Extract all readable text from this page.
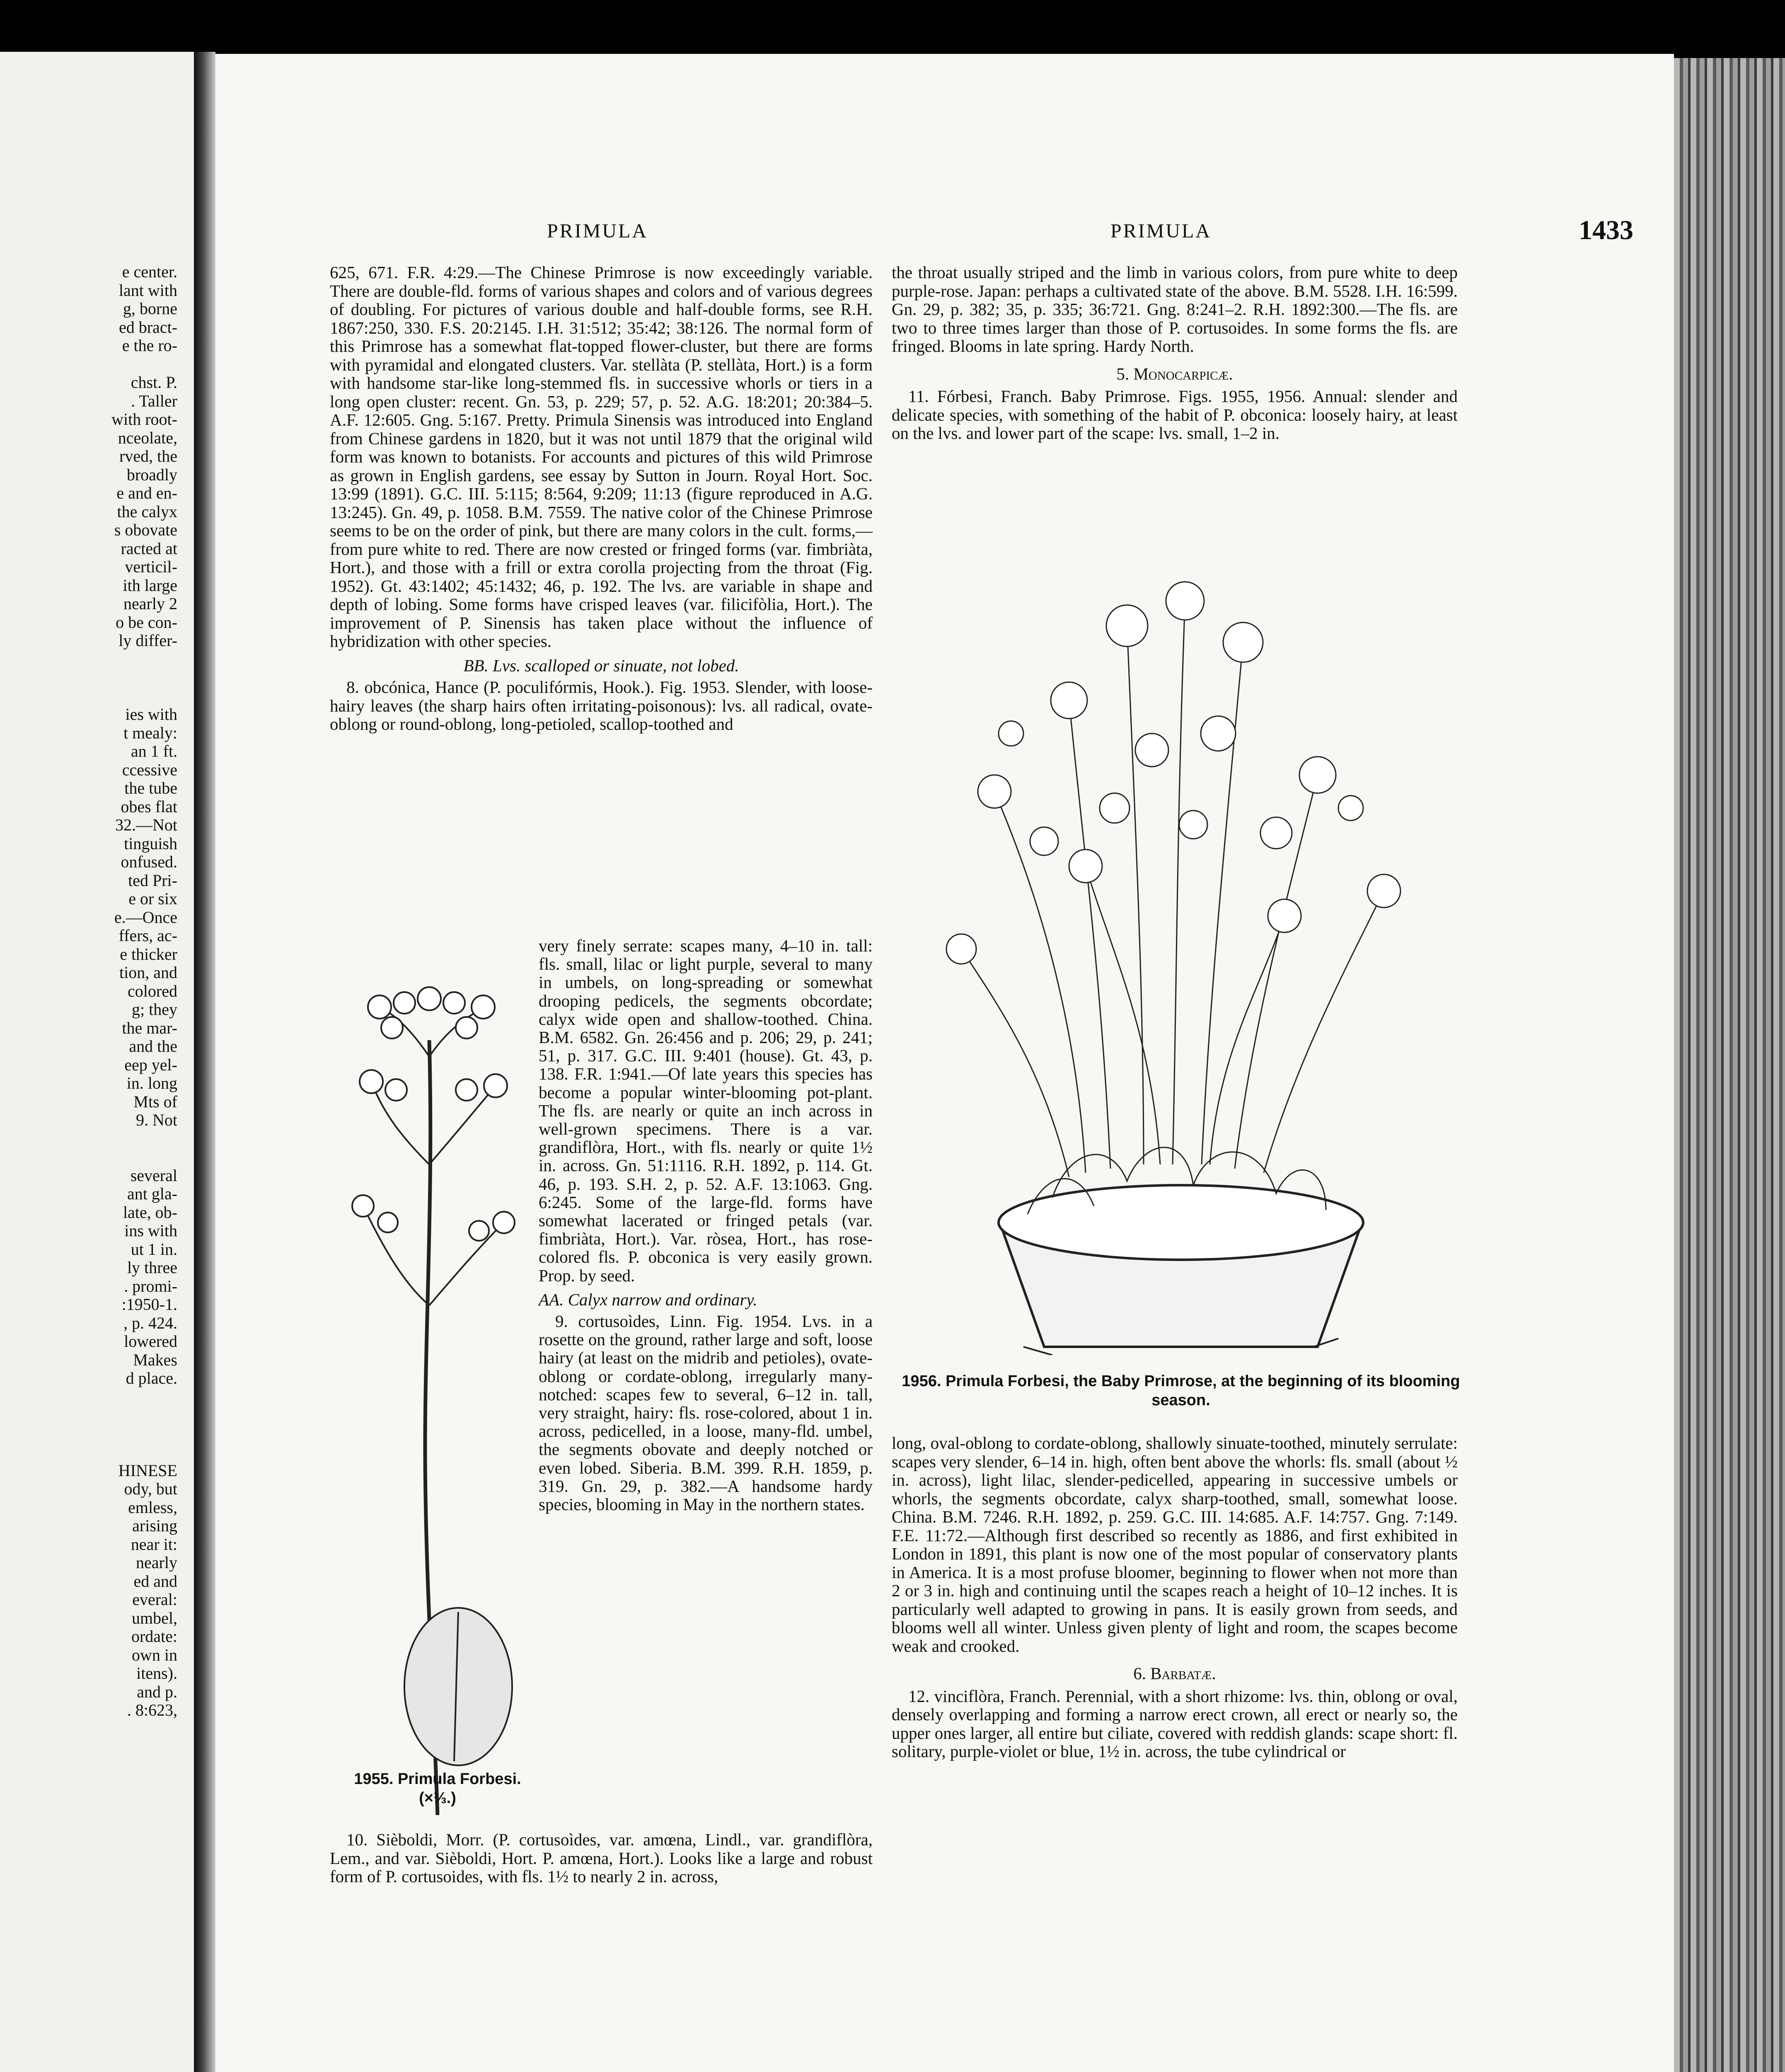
e center.
lant with
g, borne
ed bract-
e the ro-
chst. P.
. Taller
with root-
nceolate,
rved, the
broadly
e and en-
the calyx
s obovate
racted at
verticil-
ith large
nearly 2
o be con-
ly differ-
ies with
t mealy:
an 1 ft.
ccessive
the tube
obes flat
32.—Not
tinguish
onfused.
ted Pri-
e or six
e.—Once
ffers, ac-
e thicker
tion, and
colored
g; they
the mar-
and the
eep yel-
in. long
Mts of
9. Not
several
ant gla-
late, ob-
ins with
ut 1 in.
ly three
. promi-
:1950-1.
, p. 424.
lowered
Makes
d place.
HINESE
ody, but
emless,
arising
near it:
nearly
ed and
everal:
umbel,
ordate:
own in
itens).
and p.
. 8:623,
PRIMULA	PRIMULA	1433

625, 671. F.R. 4:29.—The Chinese Primrose is now exceedingly variable. There are double-fld. forms of various shapes and colors and of various degrees of doubling. For pictures of various double and half-double forms, see R.H. 1867:250, 330. F.S. 20:2145. I.H. 31:512; 35:42; 38:126. The normal form of this Primrose has a somewhat flat-topped flower-cluster, but there are forms with pyramidal and elongated clusters. Var. stellàta (P. stellàta, Hort.) is a form with handsome star-like long-stemmed fls. in successive whorls or tiers in a long open cluster: recent. Gn. 53, p. 229; 57, p. 52. A.G. 18:201; 20:384–5. A.F. 12:605. Gng. 5:167. Pretty. Primula Sinensis was introduced into England from Chinese gardens in 1820, but it was not until 1879 that the original wild form was known to botanists. For accounts and pictures of this wild Primrose as grown in English gardens, see essay by Sutton in Journ. Royal Hort. Soc. 13:99 (1891). G.C. III. 5:115; 8:564, 9:209; 11:13 (figure reproduced in A.G. 13:245). Gn. 49, p. 1058. B.M. 7559. The native color of the Chinese Primrose seems to be on the order of pink, but there are many colors in the cult. forms,—from pure white to red. There are now crested or fringed forms (var. fimbriàta, Hort.), and those with a frill or extra corolla projecting from the throat (Fig. 1952). Gt. 43:1402; 45:1432; 46, p. 192. The lvs. are variable in shape and depth of lobing. Some forms have crisped leaves (var. filicifòlia, Hort.). The improvement of P. Sinensis has taken place without the influence of hybridization with other species.

BB. Lvs. scalloped or sinuate, not lobed.

8. obcónica, Hance (P. poculifórmis, Hook.). Fig. 1953. Slender, with loose-hairy leaves (the sharp hairs often irritating-poisonous): lvs. all radical, ovate-oblong or round-oblong, long-petioled, scallop-toothed and

very finely serrate: scapes many, 4–10 in. tall: fls. small, lilac or light purple, several to many in umbels, on long-spreading or somewhat drooping pedicels, the segments obcordate; calyx wide open and shallow-toothed. China. B.M. 6582. Gn. 26:456 and p. 206; 29, p. 241; 51, p. 317. G.C. III. 9:401 (house). Gt. 43, p. 138. F.R. 1:941.—Of late years this species has become a popular winter-blooming pot-plant. The fls. are nearly or quite an inch across in well-grown specimens. There is a var. grandiflòra, Hort., with fls. nearly or quite 1½ in. across. Gn. 51:1116. R.H. 1892, p. 114. Gt. 46, p. 193. S.H. 2, p. 52. A.F. 13:1063. Gng. 6:245. Some of the large-fld. forms have somewhat lacerated or fringed petals (var. fimbriàta, Hort.). Var. ròsea, Hort., has rose-colored fls. P. obconica is very easily grown. Prop. by seed.

AA. Calyx narrow and ordinary.

9. cortusoìdes, Linn. Fig. 1954. Lvs. in a rosette on the ground, rather large and soft, loose hairy (at least on the midrib and petioles), ovate-oblong or cordate-oblong, irregularly many-notched: scapes few to several, 6–12 in. tall, very straight, hairy: fls. rose-colored, about 1 in. across, pedicelled, in a loose, many-fld. umbel, the segments obovate and deeply notched or even lobed. Siberia. B.M. 399. R.H. 1859, p. 319. Gn. 29, p. 382.—A handsome hardy species, blooming in May in the northern states.

1955. Primula Forbesi.
(×⅓.)

10. Sièboldi, Morr. (P. cortusoìdes, var. amœna, Lindl., var. grandiflòra, Lem., and var. Sièboldi, Hort. P. amœna, Hort.). Looks like a large and robust form of P. cortusoides, with fls. 1½ to nearly 2 in. across,

the throat usually striped and the limb in various colors, from pure white to deep purple-rose. Japan: perhaps a cultivated state of the above. B.M. 5528. I.H. 16:599. Gn. 29, p. 382; 35, p. 335; 36:721. Gng. 8:241–2. R.H. 1892:300.—The fls. are two to three times larger than those of P. cortusoides. In some forms the fls. are fringed. Blooms in late spring. Hardy North.

5. Monocarpicæ.

11. Fórbesi, Franch. Baby Primrose. Figs. 1955, 1956. Annual: slender and delicate species, with something of the habit of P. obconica: loosely hairy, at least on the lvs. and lower part of the scape: lvs. small, 1–2 in.

1956. Primula Forbesi, the Baby Primrose, at the beginning of its blooming season.

long, oval-oblong to cordate-oblong, shallowly sinuate-toothed, minutely serrulate: scapes very slender, 6–14 in. high, often bent above the whorls: fls. small (about ½ in. across), light lilac, slender-pedicelled, appearing in successive umbels or whorls, the segments obcordate, calyx sharp-toothed, small, somewhat loose. China. B.M. 7246. R.H. 1892, p. 259. G.C. III. 14:685. A.F. 14:757. Gng. 7:149. F.E. 11:72.—Although first described so recently as 1886, and first exhibited in London in 1891, this plant is now one of the most popular of conservatory plants in America. It is a most profuse bloomer, beginning to flower when not more than 2 or 3 in. high and continuing until the scapes reach a height of 10–12 inches. It is particularly well adapted to growing in pans. It is easily grown from seeds, and blooms well all winter. Unless given plenty of light and room, the scapes become weak and crooked.

6. Barbatæ.

12. vinciflòra, Franch. Perennial, with a short rhizome: lvs. thin, oblong or oval, densely overlapping and forming a narrow erect crown, all erect or nearly so, the upper ones larger, all entire but ciliate, covered with reddish glands: scape short: fl. solitary, purple-violet or blue, 1½ in. across, the tube cylindrical or
